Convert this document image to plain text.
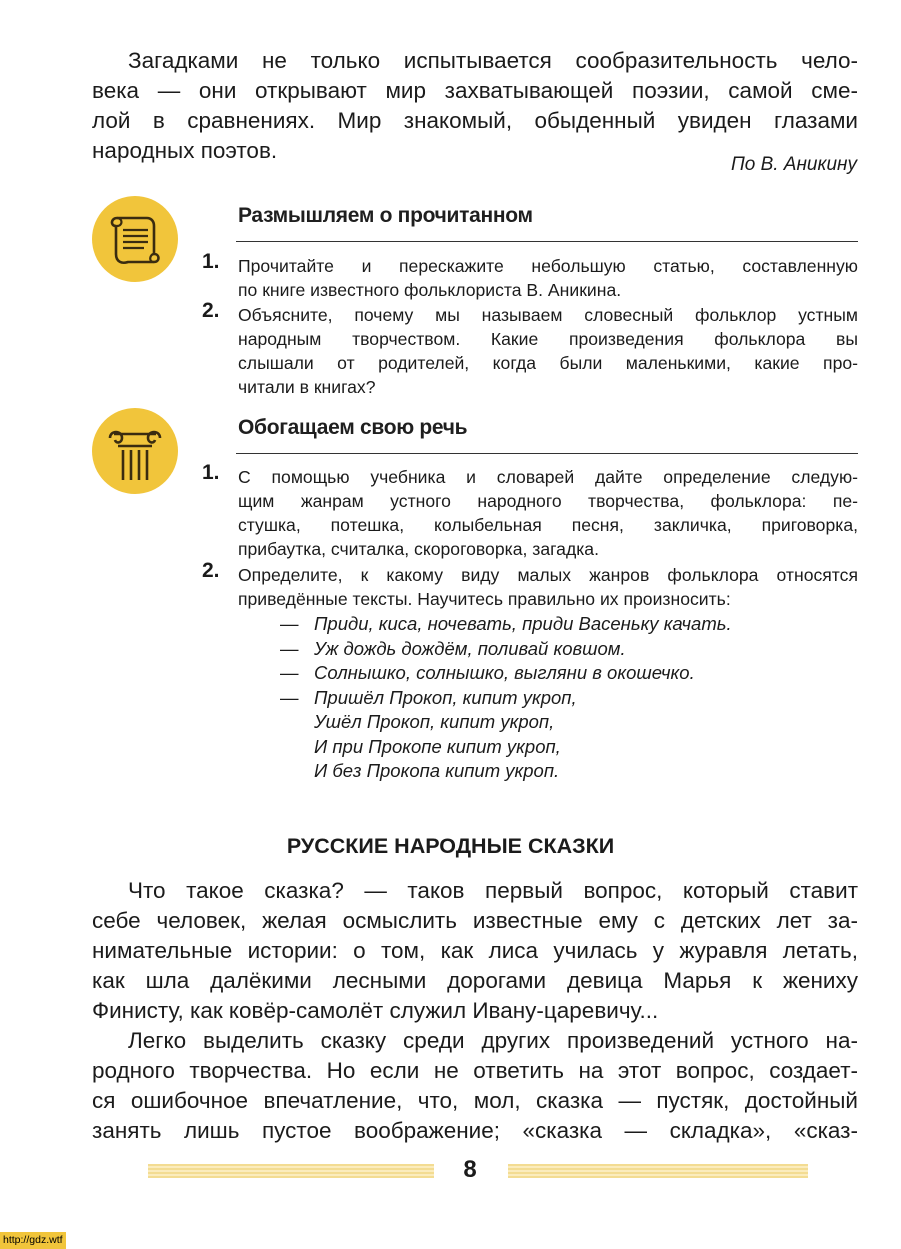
Загадками не только испытывается сообразительность чело-
века — они открывают мир захватывающей поэзии, самой сме-
лой в сравнениях. Мир знакомый, обыденный увиден глазами
народных поэтов.
По В. Аникину
Размышляем о прочитанном
1. Прочитайте и перескажите небольшую статью, составленную
по книге известного фольклориста В. Аникина.
2. Объясните, почему мы называем словесный фольклор устным
народным творчеством. Какие произведения фольклора вы
слышали от родителей, когда были маленькими, какие про-
читали в книгах?
Обогащаем свою речь
1. С помощью учебника и словарей дайте определение следую-
щим жанрам устного народного творчества, фольклора: пе-
стушка, потешка, колыбельная песня, закличка, приговорка,
прибаутка, считалка, скороговорка, загадка.
2. Определите, к какому виду малых жанров фольклора относятся
приведённые тексты. Научитесь правильно их произносить:
— Приди, киса, ночевать, приди Васеньку качать.
— Уж дождь дождём, поливай ковшом.
— Солнышко, солнышко, выгляни в окошечко.
— Пришёл Прокоп, кипит укроп,
Ушёл Прокоп, кипит укроп,
И при Прокопе кипит укроп,
И без Прокопа кипит укроп.
РУССКИЕ НАРОДНЫЕ СКАЗКИ
Что такое сказка? — таков первый вопрос, который ставит
себе человек, желая осмыслить известные ему с детских лет за-
нимательные истории: о том, как лиса училась у журавля летать,
как шла далёкими лесными дорогами девица Марья к жениху
Финисту, как ковёр-самолёт служил Ивану-царевичу...
Легко выделить сказку среди других произведений устного на-
родного творчества. Но если не ответить на этот вопрос, создает-
ся ошибочное впечатление, что, мол, сказка — пустяк, достойный
занять лишь пустое воображение; «сказка — складка», «сказ-
8
http://gdz.wtf
